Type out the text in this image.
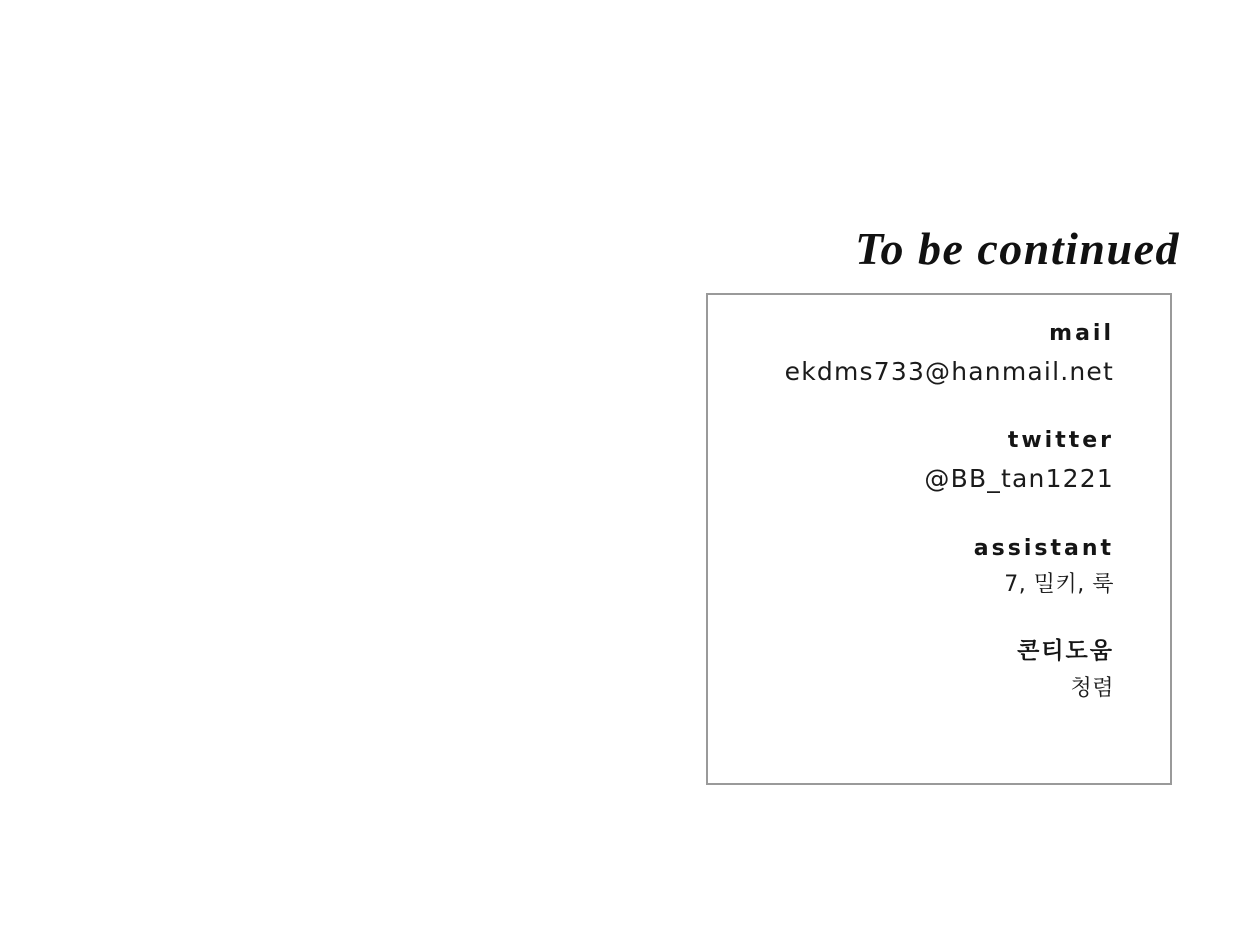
To be continued
mail
ekdms733@hanmail.net
twitter
@BB_tan1221
assistant
7, 밀키, 룩
콘티도움
청렴
